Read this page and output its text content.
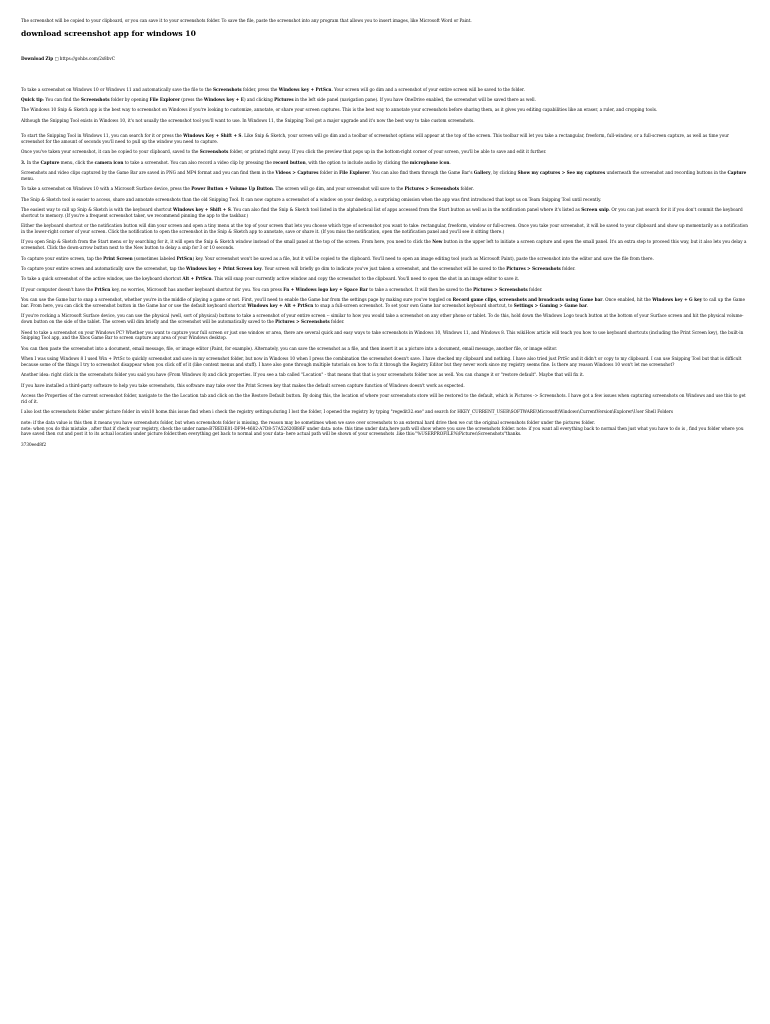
The screenshot will be copied to your clipboard, or you can save it to your screenshots folder. To save the file, paste the screenshot into any program that allows you to insert images, like Microsoft Word or Paint.

download screenshot app for windows 10

Download Zip □ https://gohbs.com/2s8bvC

To take a screenshot on Windows 10 or Windows 11 and automatically save the file to the Screenshots folder, press the Windows key + PrtScn. Your screen will go dim and a screenshot of your entire screen will be saved to the folder.

Quick tip: You can find the Screenshots folder by opening File Explorer (press the Windows key + E) and clicking Pictures in the left side panel (navigation pane). If you have OneDrive enabled, the screenshot will be saved there as well.

The Windows 10 Snip & Sketch app is the best way to screenshot on Windows if you're looking to customize, annotate, or share your screen captures. This is the best way to annotate your screenshots before sharing them, as it gives you editing capabilities like an eraser, a ruler, and cropping tools.

Although the Snipping Tool exists in Windows 10, it's not usually the screenshot tool you'll want to use. In Windows 11, the Snipping Tool got a major upgrade and it's now the best way to take custom screenshots.

To start the Snipping Tool in Windows 11, you can search for it or press the Windows Key + Shift + S. Like Snip & Sketch, your screen will go dim and a toolbar of screenshot options will appear at the top of the screen. This toolbar will let you take a rectangular, freeform, full-window, or a full-screen capture, as well as time your screenshot for the amount of seconds you'll need to pull up the window you need to capture.

Once you've taken your screenshot, it can be copied to your clipboard, saved to the Screenshots folder, or printed right away. If you click the preview that pops up in the bottom-right corner of your screen, you'll be able to save and edit it further.

3. In the Capture menu, click the camera icon to take a screenshot. You can also record a video clip by pressing the record button, with the option to include audio by clicking the microphone icon.

Screenshots and video clips captured by the Game Bar are saved in PNG and MP4 format and you can find them in the Videos > Captures folder in File Explorer. You can also find them through the Game Bar's Gallery, by clicking Show my captures > See my captures underneath the screenshot and recording buttons in the Capture menu.

To take a screenshot on Windows 10 with a Microsoft Surface device, press the Power Button + Volume Up Button. The screen will go dim, and your screenshot will save to the Pictures > Screenshots folder.

The Snip & Sketch tool is easier to access, share and annotate screenshots than the old Snipping Tool. It can now capture a screenshot of a window on your desktop, a surprising omission when the app was first introduced that kept us on Team Snipping Tool until recently.

The easiest way to call up Snip & Sketch is with the keyboard shortcut Windows key + Shift + S. You can also find the Snip & Sketch tool listed in the alphabetical list of apps accessed from the Start button as well as in the notification panel where it's listed as Screen snip. Or you can just search for it if you don't commit the keyboard shortcut to memory. (If you're a frequent screenshot taker, we recommend pinning the app to the taskbar.)

Either the keyboard shortcut or the notification button will dim your screen and open a tiny menu at the top of your screen that lets you choose which type of screenshot you want to take: rectangular, freeform, window or full-screen. Once you take your screenshot, it will be saved to your clipboard and show up momentarily as a notification in the lower-right corner of your screen. Click the notification to open the screenshot in the Snip & Sketch app to annotate, save or share it. (If you miss the notification, open the notification panel and you'll see it sitting there.)

If you open Snip & Sketch from the Start menu or by searching for it, it will open the Snip & Sketch window instead of the small panel at the top of the screen. From here, you need to click the New button in the upper left to initiate a screen capture and open the small panel. It's an extra step to proceed this way, but it also lets you delay a screenshot. Click the down-arrow button next to the New button to delay a snip for 3 or 10 seconds.

To capture your entire screen, tap the Print Screen (sometimes labeled PrtScn) key. Your screenshot won't be saved as a file, but it will be copied to the clipboard. You'll need to open an image editing tool (such as Microsoft Paint), paste the screenshot into the editor and save the file from there.

To capture your entire screen and automatically save the screenshot, tap the Windows key + Print Screen key. Your screen will briefly go dim to indicate you've just taken a screenshot, and the screenshot will be saved to the Pictures > Screenshots folder.

To take a quick screenshot of the active window, use the keyboard shortcut Alt + PrtScn. This will snap your currently active window and copy the screenshot to the clipboard. You'll need to open the shot in an image editor to save it.

If your computer doesn't have the PrtScn key, no worries, Microsoft has another keyboard shortcut for you. You can press Fn + Windows logo key + Space Bar to take a screenshot. It will then be saved to the Pictures > Screenshots folder.

You can use the Game bar to snap a screenshot, whether you're in the middle of playing a game or not. First, you'll need to enable the Game bar from the settings page by making sure you've toggled on Record game clips, screenshots and broadcasts using Game bar. Once enabled, hit the Windows key + G key to call up the Game bar. From here, you can click the screenshot button in the Game bar or use the default keyboard shortcut Windows key + Alt + PrtScn to snap a full-screen screenshot. To set your own Game bar screenshot keyboard shortcut, to Settings > Gaming > Game bar.

If you're rocking a Microsoft Surface device, you can use the physical (well, sort of physical) buttons to take a screenshot of your entire screen -- similar to how you would take a screenshot on any other phone or tablet. To do this, hold down the Windows Logo touch button at the bottom of your Surface screen and hit the physical volume-down button on the side of the tablet. The screen will dim briefly and the screenshot will be automatically saved to the Pictures > Screenshots folder.

Need to take a screenshot on your Windows PC? Whether you want to capture your full screen or just one window or area, there are several quick and easy ways to take screenshots in Windows 10, Windows 11, and Windows 8. This wikiHow article will teach you how to use keyboard shortcuts (including the Print Screen key), the built-in Snipping Tool app, and the Xbox Game Bar to screen capture any area of your Windows desktop.

You can then paste the screenshot into a document, email message, file, or image editor (Paint, for example). Alternately, you can save the screenshot as a file, and then insert it as a picture into a document, email message, another file, or image editor.

When I was using Windows 8 I used Win + PrtSc to quickly screenshot and save in my screenshot folder, but now in Windows 10 when I press the combination the screenshot doesn't save. I have checked my clipboard and nothing. I have also tried just PrtSc and it didn't or copy to my clipboard. I can use Snipping Tool but that is difficult because some of the things I try to screenshot disappear when you click off of it (like context menus and stuff). I have also gone through multiple tutorials on how to fix it through the Registry Editor but they never work since my registry seems fine. Is there any reason Windows 10 won't let me screenshot?

Another idea: right click in the screenshots folder you said you have (From Windows 8) and click properties. If you see a tab called "Location" - that means that that is your screenshots folder now as well. You can change it or "restore default". Maybe that will fix it.

If you have installed a third-party software to help you take screenshots, this software may take over the Print Screen key that makes the default screen capture function of Windows doesn't work as expected.

Access the Properties of the current screenshot folder, navigate to the the Location tab and click on the the Restore Default button. By doing this, the location of where your screenshots store will be restored to the default, which is Pictures -> Screenshots. I have got a few issues when capturing screenshots on Windows and use this to get rid of it.

I also lost the screenshots folder under picture folder in win10 home.this issue find when i check the registry settings.during I lost the folder, I opened the registry by typing "regedit32.exe" and search for HKEY_CURRENT_USER\SOFTWARE\Microsoft\Windows\CurrentVersion\Explorer\User Shell Folders

note: if the data value is this then it means you have screenshots folder, but when screenshots folder is missing. the reason may be sometimes when we save over screenshots to an external hard drive then we cut the original screenshots folder under the pictures folder.
note: when you do this mistake , after that if check your registry, check the under name:B7BEDE81-DF94-4682-A7D8-57A52620B86F under data: note: this time under data,here path will show where you save the screenshots folder. note: if you want all everything back to normal then just what you have to do is , find you folder where you have saved then cut and post it to its actual location under picture folder.then everything get back to normal and your data- here actual path will be shown of your screenshots .like this:"%USERPROFILE%\Pictures\Screenshots"thanks.

3730eed8f2
